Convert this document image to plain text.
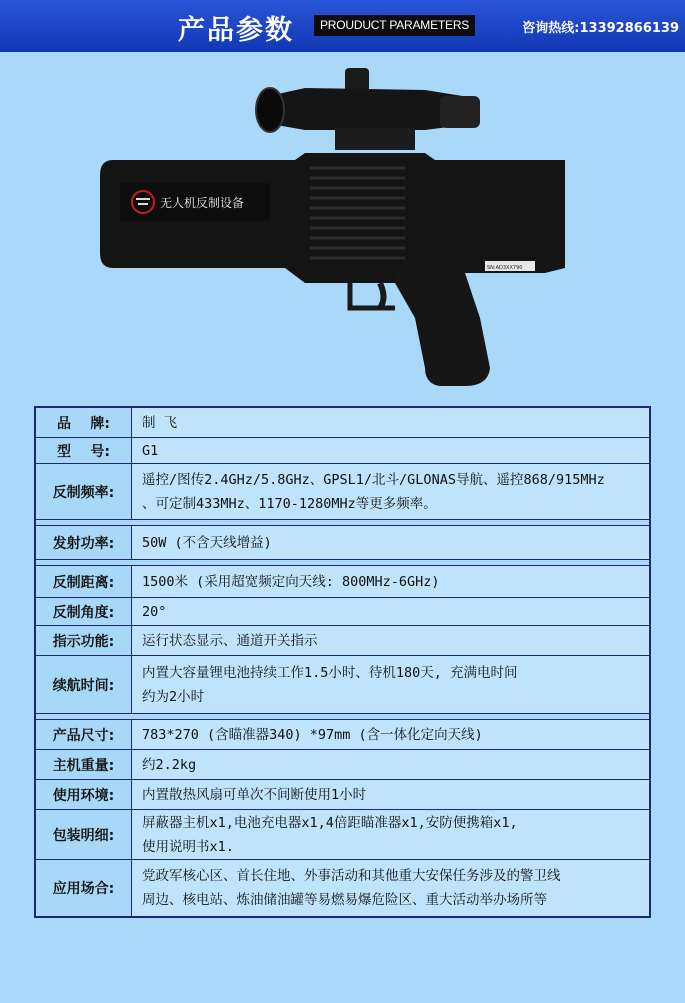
产品参数	PROUDUCT PARAMETERS	咨询热线:13392866139
无人机反制设备
SN:AD3XX790
品    牌:	制 飞
型    号:	G1
反制频率:
遥控/图传2.4GHz/5.8GHz、GPSL1/北斗/GLONAS导航、遥控868/915MHz
、可定制433MHz、1170-1280MHz等更多频率。
发射功率:	50W (不含天线增益)
反制距离:	1500米 (采用超宽频定向天线: 800MHz-6GHz)
反制角度:	20°
指示功能:	运行状态显示、通道开关指示
续航时间:
内置大容量锂电池持续工作1.5小时、待机180天, 充满电时间
约为2小时
产品尺寸:	783*270 (含瞄准器340) *97mm (含一体化定向天线)
主机重量:	约2.2kg
使用环境:	内置散热风扇可单次不间断使用1小时
包装明细:
屏蔽器主机x1,电池充电器x1,4倍距瞄准器x1,安防便携箱x1,
使用说明书x1.
应用场合:
党政军核心区、首长住地、外事活动和其他重大安保任务涉及的警卫线
周边、核电站、炼油储油罐等易燃易爆危险区、重大活动举办场所等
